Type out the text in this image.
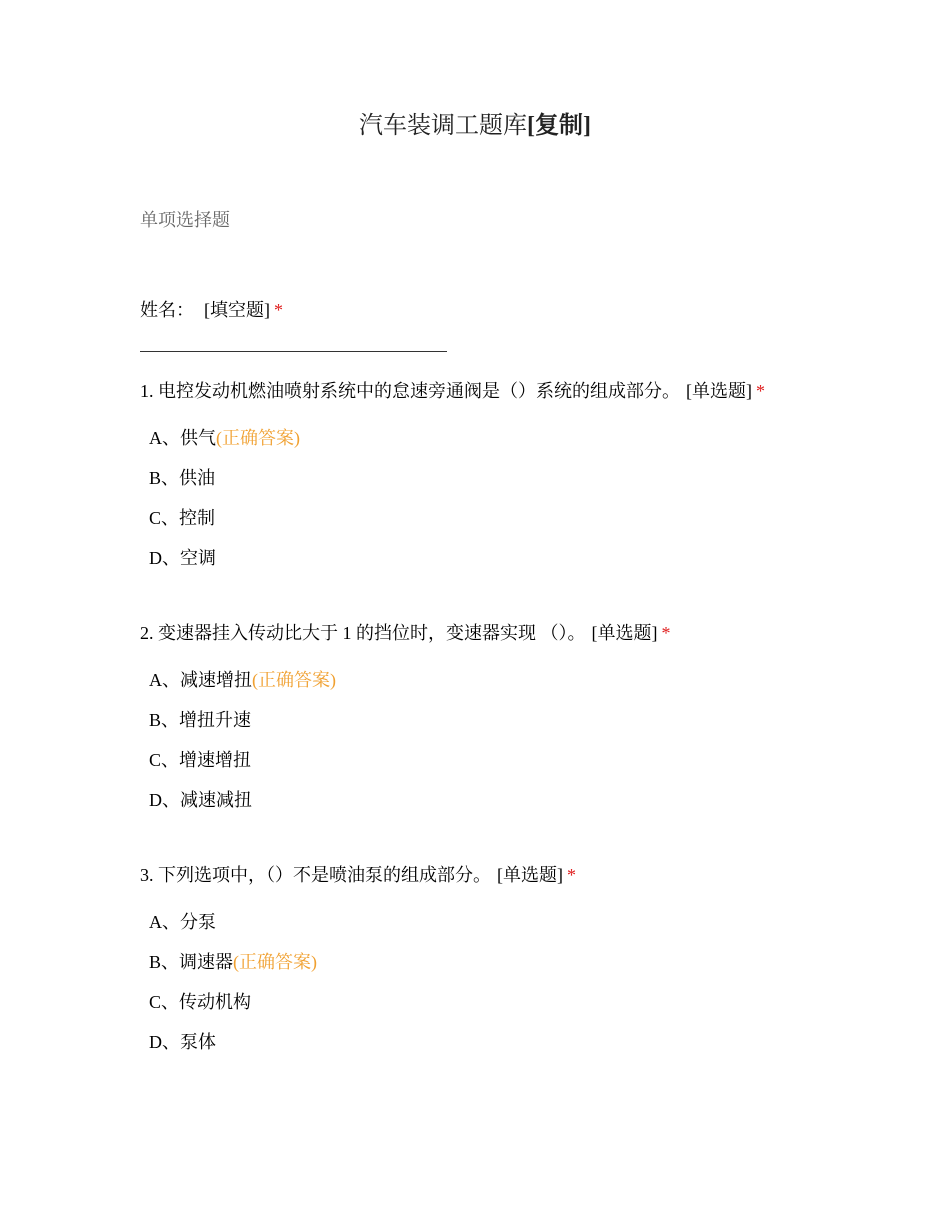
汽车装调工题库[复制]
单项选择题
姓名： [填空题] *
1. 电控发动机燃油喷射系统中的怠速旁通阀是（）系统的组成部分。 [单选题] *
A、供气(正确答案)
B、供油
C、控制
D、空调
2. 变速器挂入传动比大于 1 的挡位时，变速器实现 （）。 [单选题] *
A、减速增扭(正确答案)
B、增扭升速
C、增速增扭
D、减速减扭
3. 下列选项中，（）不是喷油泵的组成部分。 [单选题] *
A、分泵
B、调速器(正确答案)
C、传动机构
D、泵体
